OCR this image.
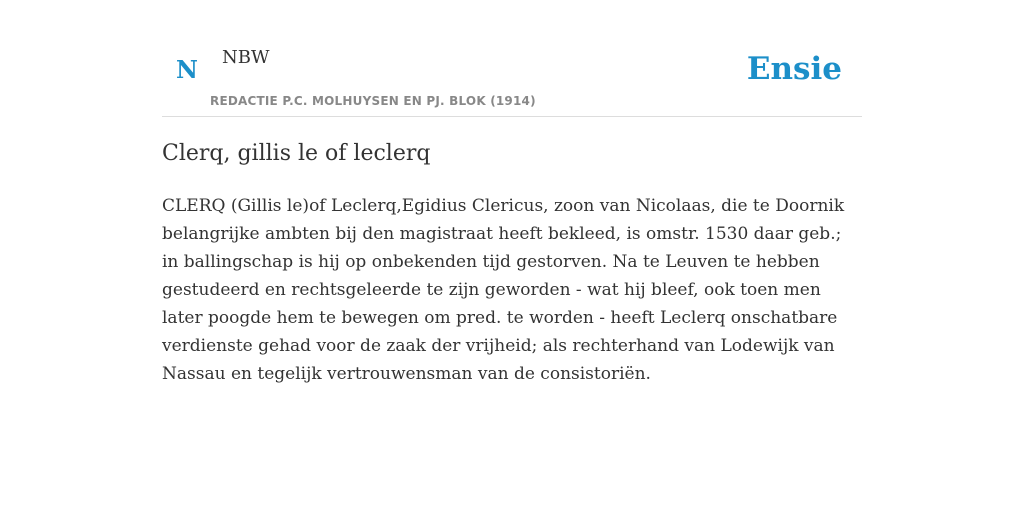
N NBW
REDACTIE P.C. MOLHUYSEN EN PJ. BLOK (1914)
Ensie
Clerq, gillis le of leclerq

CLERQ (Gillis le)of Leclerq,Egidius Clericus, zoon van Nicolaas, die te Doornik belangrijke ambten bij den magistraat heeft bekleed, is omstr. 1530 daar geb.; in ballingschap is hij op onbekenden tijd gestorven. Na te Leuven te hebben gestudeerd en rechtsgeleerde te zijn geworden - wat hij bleef, ook toen men later poogde hem te bewegen om pred. te worden - heeft Leclerq onschatbare verdienste gehad voor de zaak der vrijheid; als rechterhand van Lodewijk van Nassau en tegelijk vertrouwensman van de consistoriën.
